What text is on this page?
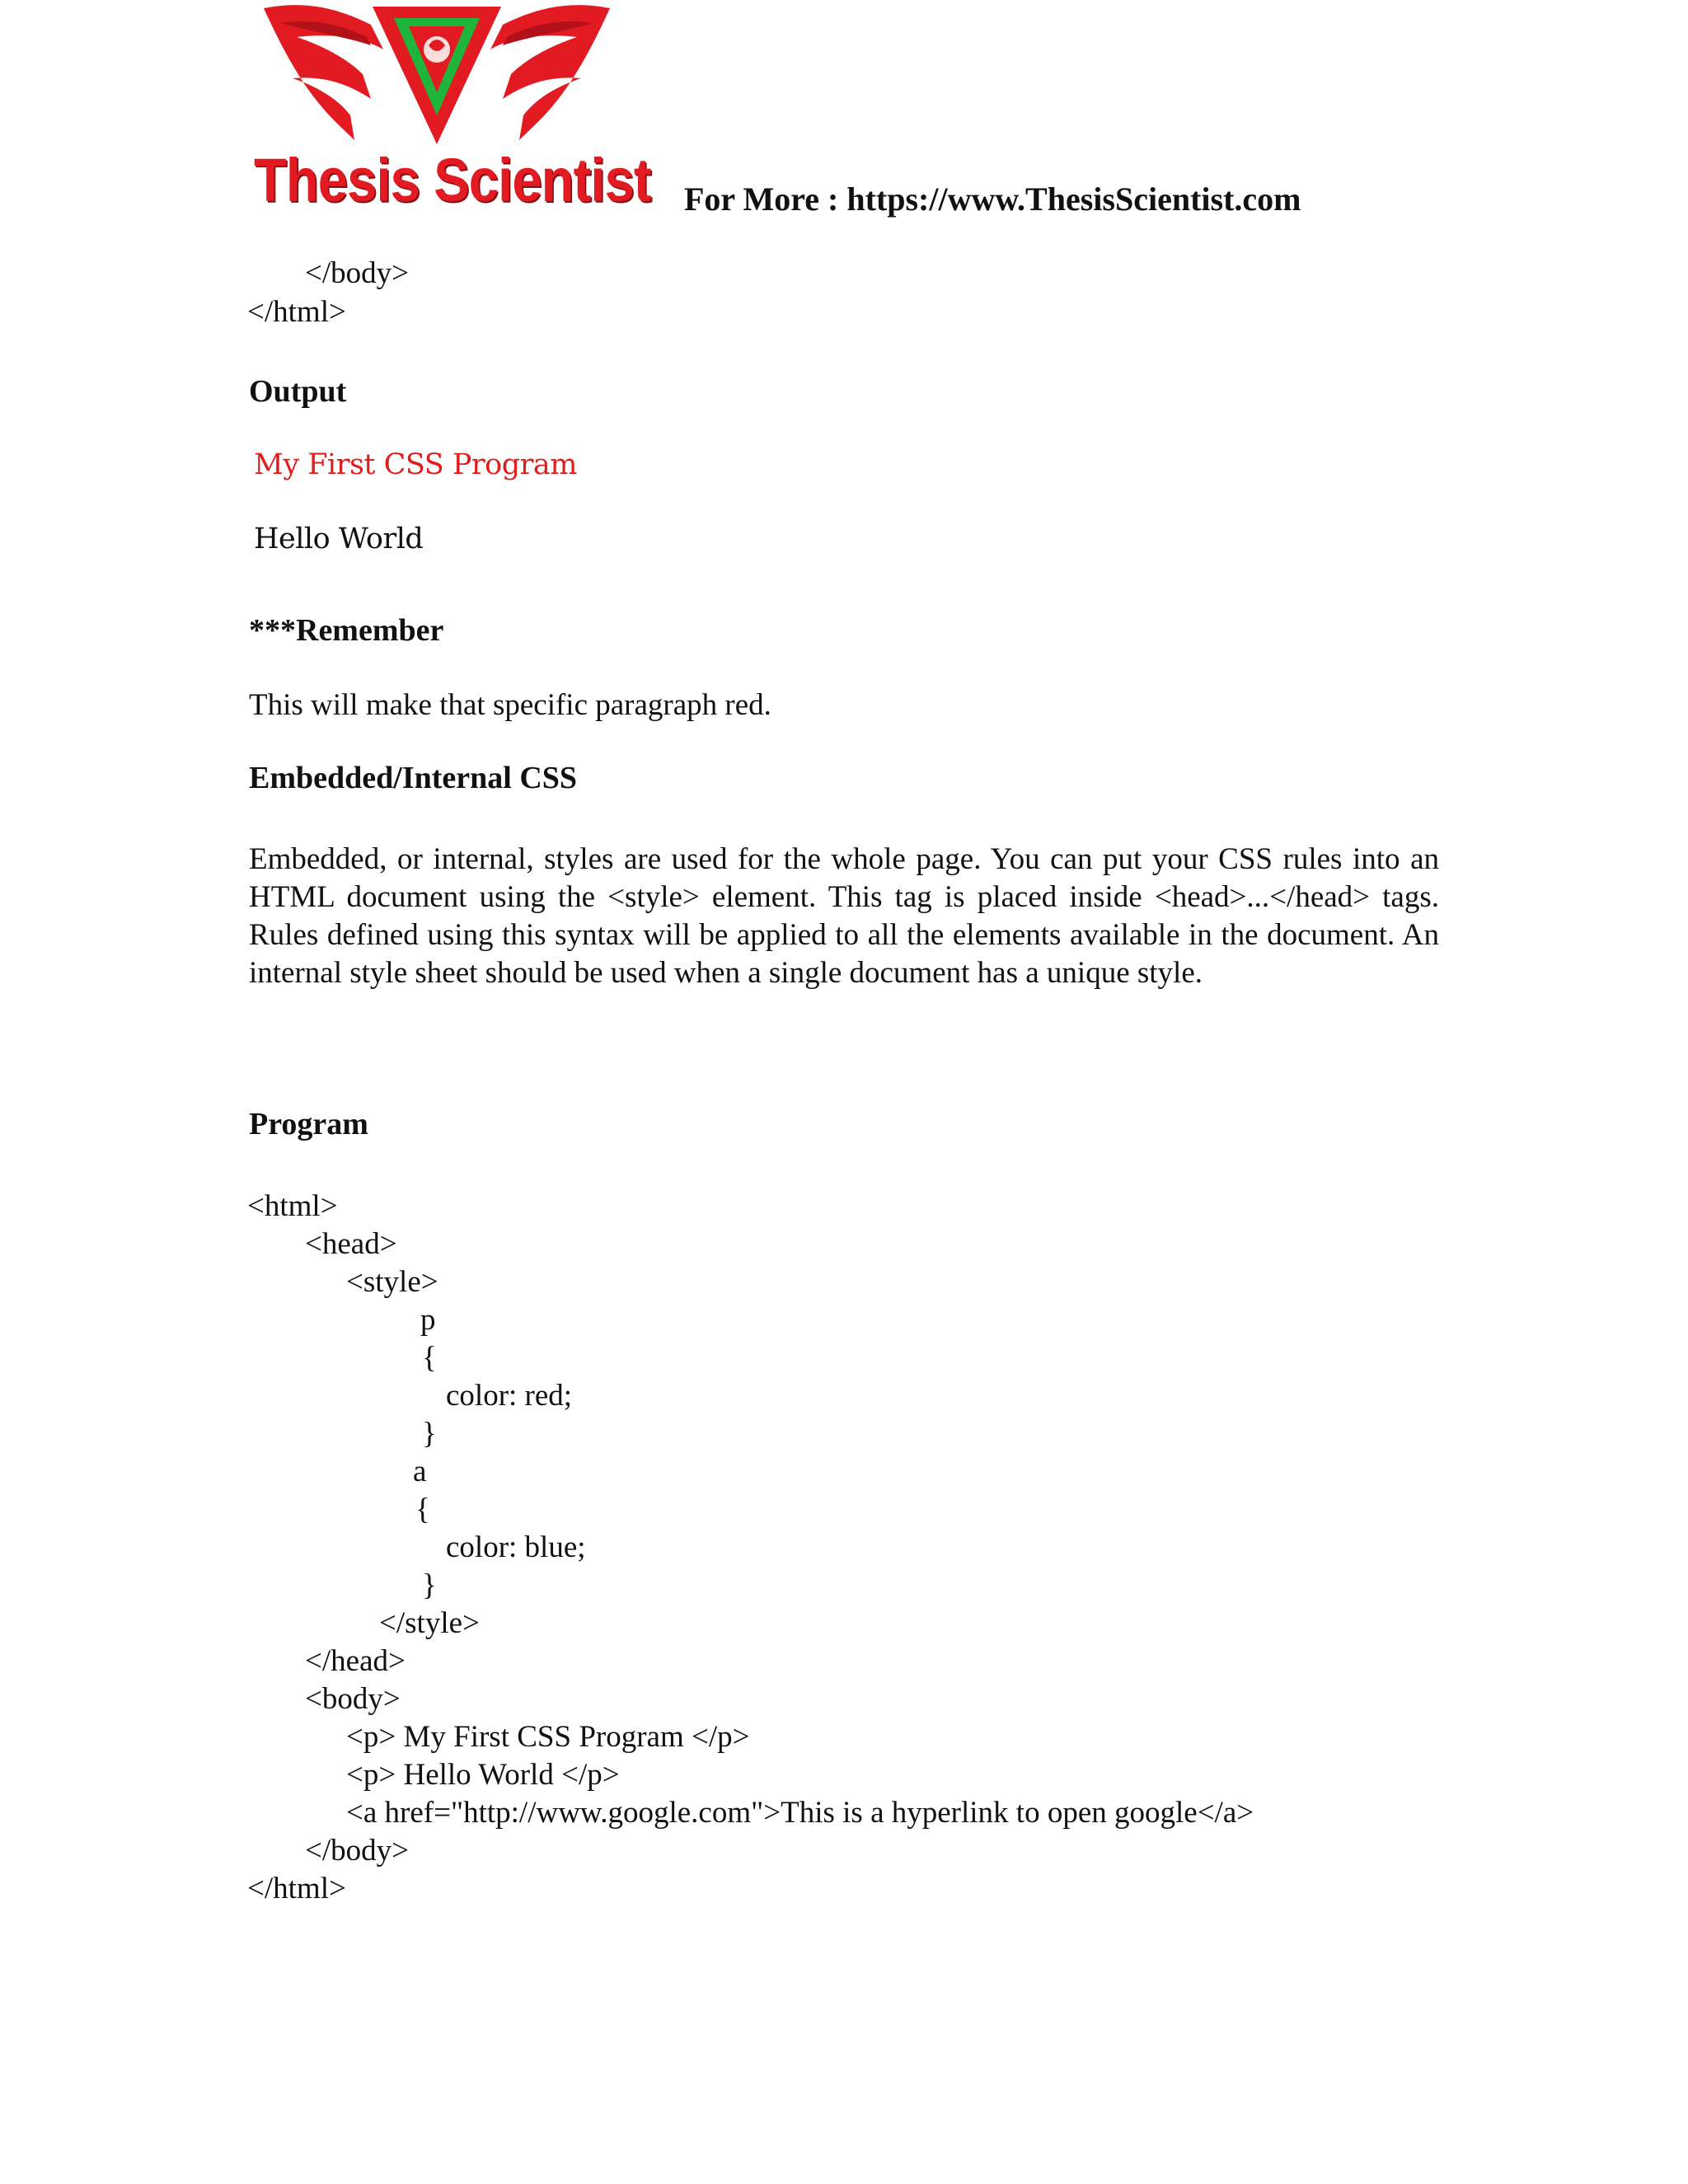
Thesis Scientist For More : https://www.ThesisScientist.com
</body>
</html>
Output
My First CSS Program
Hello World
***Remember
This will make that specific paragraph red.
Embedded/Internal CSS
Embedded, or internal, styles are used for the whole page. You can put your CSS rules into an HTML document using the <style> element. This tag is placed inside <head>...</head> tags. Rules defined using this syntax will be applied to all the elements available in the document. An internal style sheet should be used when a single document has a unique style.
Program
<html>
<head>
<style>
p
{
color: red;
}
a
{
color: blue;
}
</style>
</head>
<body>
<p> My First CSS Program </p>
<p> Hello World </p>
<a href="http://www.google.com">This is a hyperlink to open google</a>
</body>
</html>
